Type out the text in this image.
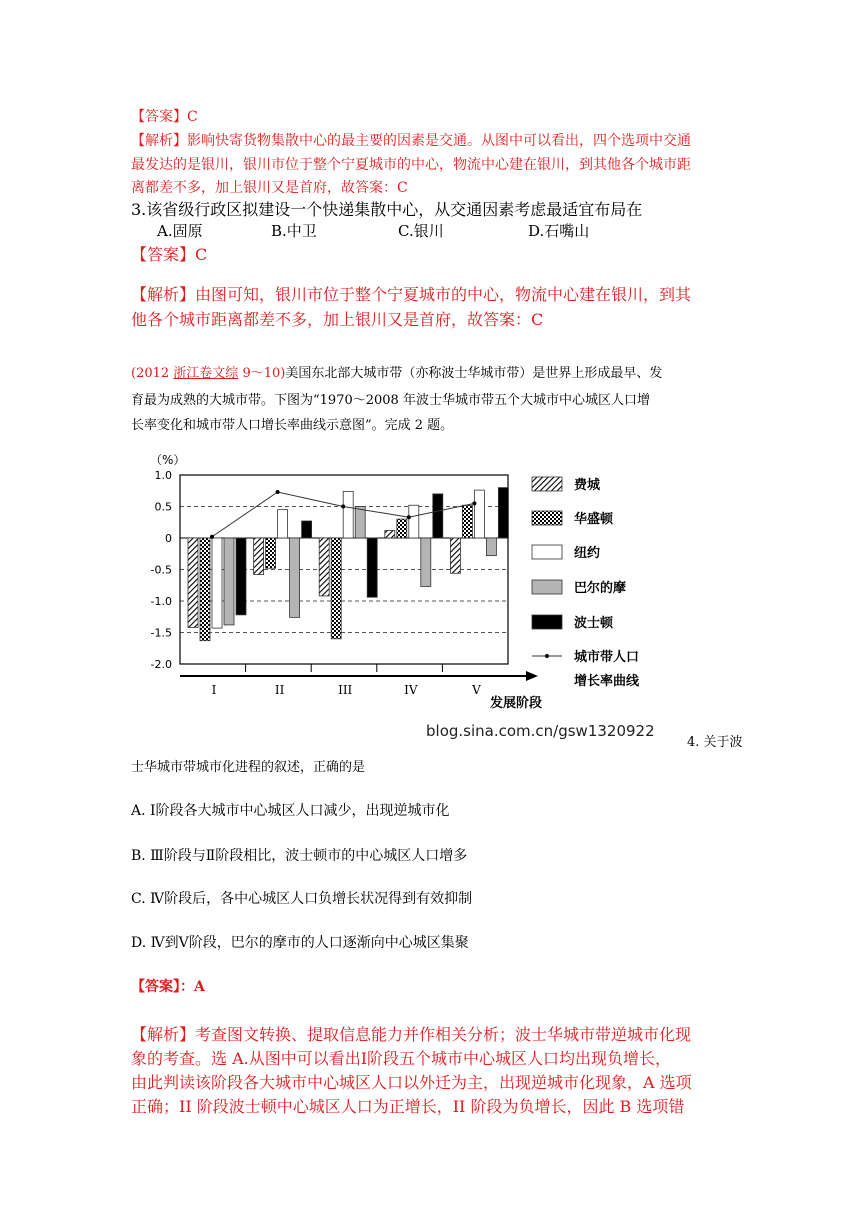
【答案】C
【解析】影响快寄货物集散中心的最主要的因素是交通。从图中可以看出，四个选项中交通
最发达的是银川，银川市位于整个宁夏城市的中心，物流中心建在银川，到其他各个城市距
离都差不多，加上银川又是首府，故答案：C
3.该省级行政区拟建设一个快递集散中心，从交通因素考虑最适宜布局在
A.固原	B.中卫	C.银川	D.石嘴山
【答案】C
【解析】由图可知，银川市位于整个宁夏城市的中心，物流中心建在银川，到其
他各个城市距离都差不多，加上银川又是首府，故答案：C
(2012 浙江卷文综 9～10)美国东北部大城市带（亦称波士华城市带）是世界上形成最早、发
育最为成熟的大城市带。下图为“1970～2008 年波士华城市带五个大城市中心城区人口增
长率变化和城市带人口增长率曲线示意图”。完成 2 题。
（%）
1.0
0.5
0
-0.5
-1.0
-1.5
-2.0
I	II	III	IV	V
发展阶段
费城
华盛顿
纽约
巴尔的摩
波士顿
城市带人口
增长率曲线
blog.sina.com.cn/gsw1320922
4. 关于波
士华城市带城市化进程的叙述，正确的是
A. Ⅰ阶段各大城市中心城区人口减少，出现逆城市化
B. Ⅲ阶段与Ⅱ阶段相比，波士顿市的中心城区人口增多
C. Ⅳ阶段后，各中心城区人口负增长状况得到有效抑制
D. Ⅳ到Ⅴ阶段，巴尔的摩市的人口逐渐向中心城区集聚
【答案】：A
【解析】考查图文转换、提取信息能力并作相关分析；波士华城市带逆城市化现
象的考查。选 A.从图中可以看出Ⅰ阶段五个城市中心城区人口均出现负增长，
由此判读该阶段各大城市中心城区人口以外迁为主，出现逆城市化现象，A 选项
正确；II 阶段波士顿中心城区人口为正增长，II 阶段为负增长，因此 B 选项错
